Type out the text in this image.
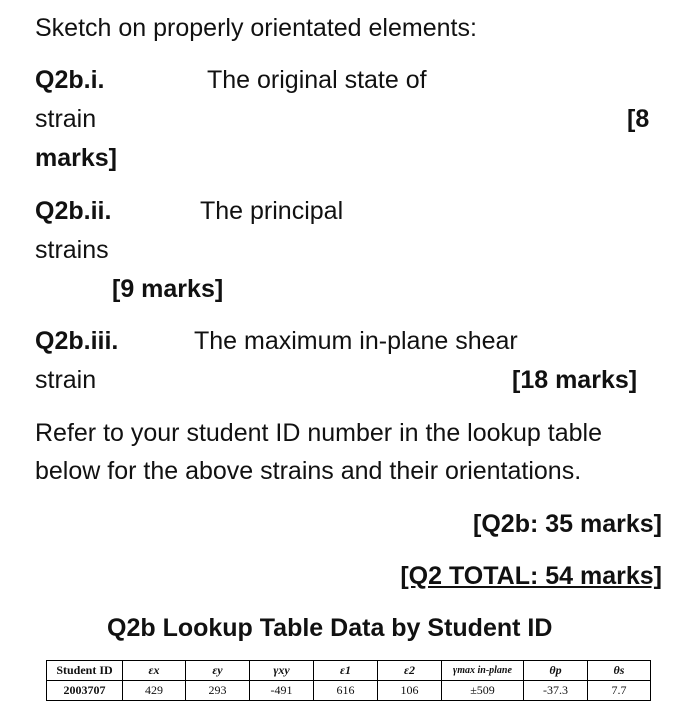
Sketch on properly orientated elements:
Q2b.i.	The original state of
strain	[8
marks]
Q2b.ii.	The principal
strains
[9 marks]
Q2b.iii.	The maximum in-plane shear
strain	[18 marks]
Refer to your student ID number in the lookup table
below for the above strains and their orientations.
[Q2b: 35 marks]
[Q2 TOTAL: 54 marks]
Q2b Lookup Table Data by Student ID
Student ID	εx	εy	γxy	ε1	ε2	γmax in-plane	θp	θs
2003707	429	293	-491	616	106	±509	-37.3	7.7
